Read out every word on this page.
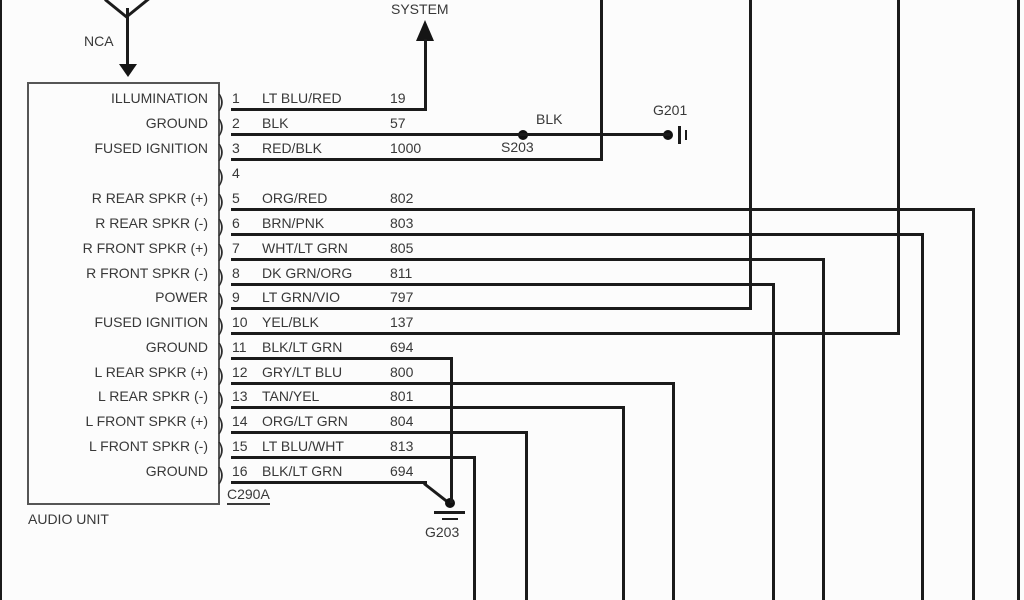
NCA
SYSTEM
AUDIO UNIT
C290A
BLK
S203
G201
G203
) 1
ILLUMINATION	LT BLU/RED	19
) 2
GROUND	BLK	57
) 3
FUSED IGNITION	RED/BLK	1000
) 4
) 5
R REAR SPKR (+)	ORG/RED	802
) 6
R REAR SPKR (-)	BRN/PNK	803
) 7
R FRONT SPKR (+)	WHT/LT GRN	805
) 8
R FRONT SPKR (-)	DK GRN/ORG	811
) 9
POWER	LT GRN/VIO	797
) 10
FUSED IGNITION	YEL/BLK	137
) 11
GROUND	BLK/LT GRN	694
) 12
L REAR SPKR (+)	GRY/LT BLU	800
) 13
L REAR SPKR (-)	TAN/YEL	801
) 14
L FRONT SPKR (+)	ORG/LT GRN	804
) 15
L FRONT SPKR (-)	LT BLU/WHT	813
) 16
GROUND	BLK/LT GRN	694
